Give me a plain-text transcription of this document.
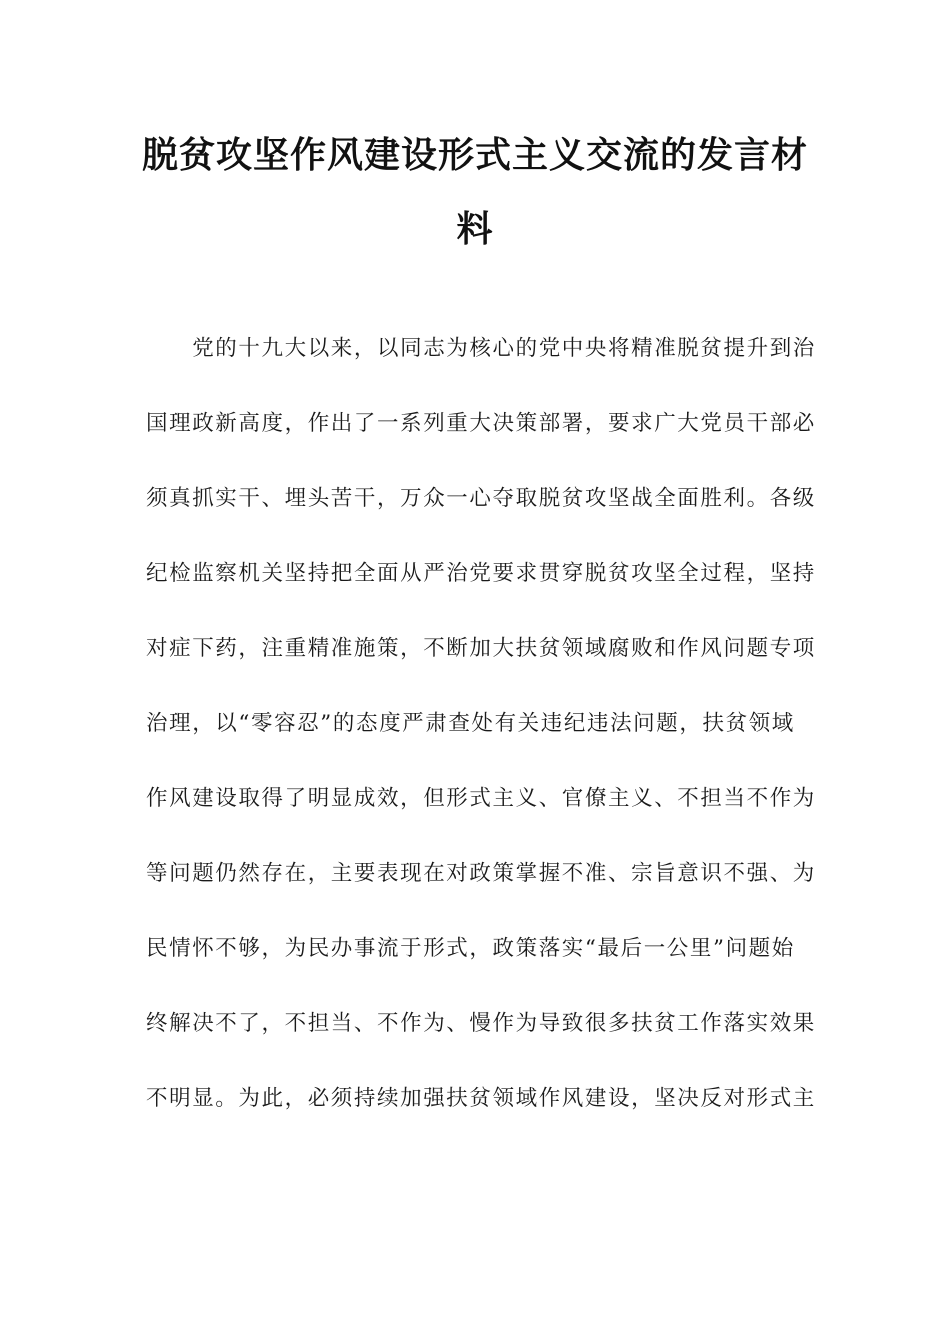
脱贫攻坚作风建设形式主义交流的发言材
料
　　党的十九大以来，以同志为核心的党中央将精准脱贫提升到治
国理政新高度，作出了一系列重大决策部署，要求广大党员干部必
须真抓实干、埋头苦干，万众一心夺取脱贫攻坚战全面胜利。各级
纪检监察机关坚持把全面从严治党要求贯穿脱贫攻坚全过程，坚持
对症下药，注重精准施策，不断加大扶贫领域腐败和作风问题专项
治理，以“零容忍”的态度严肃查处有关违纪违法问题，扶贫领域
作风建设取得了明显成效，但形式主义、官僚主义、不担当不作为
等问题仍然存在，主要表现在对政策掌握不准、宗旨意识不强、为
民情怀不够，为民办事流于形式，政策落实“最后一公里”问题始
终解决不了，不担当、不作为、慢作为导致很多扶贫工作落实效果
不明显。为此，必须持续加强扶贫领域作风建设，坚决反对形式主
